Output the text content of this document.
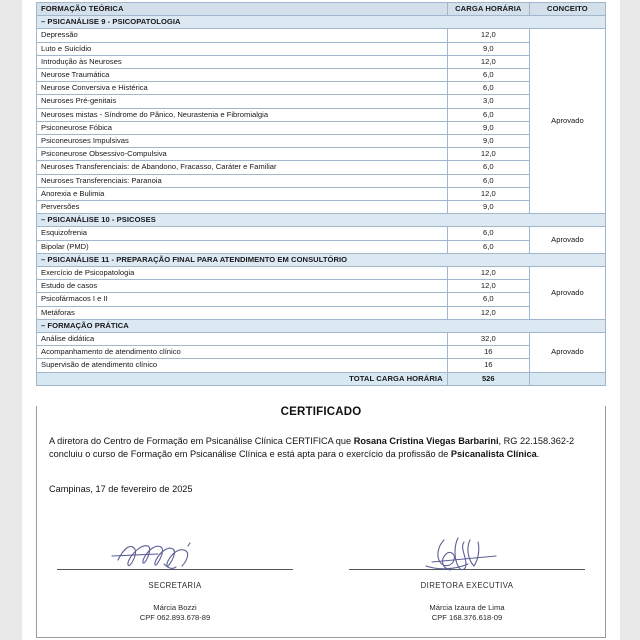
FORMAÇÃO TEÓRICA	CARGA HORÁRIA	CONCEITO
– PSICANÁLISE 9 - PSICOPATOLOGIA		
Depressão	12,0	Aprovado
Luto e Suicídio	9,0	
Introdução às Neuroses	12,0	
Neurose Traumática	6,0	
Neurose Conversiva e Histérica	6,0	
Neuroses Pré-genitais	3,0	
Neuroses mistas - Síndrome do Pânico, Neurastenia e Fibromialgia	6,0	
Psiconeurose Fóbica	9,0	
Psiconeuroses Impulsivas	9,0	
Psiconeurose Obsessivo-Compulsiva	12,0	
Neuroses Transferenciais: de Abandono, Fracasso, Caráter e Familiar	6,0	
Neuroses Transferenciais: Paranoia	6,0	
Anorexia e Bulimia	12,0	
Perversões	9,0	
– PSICANÁLISE 10 - PSICOSES		
Esquizofrenia	6,0	Aprovado
Bipolar (PMD)	6,0	
– PSICANÁLISE 11 - PREPARAÇÃO FINAL PARA ATENDIMENTO EM CONSULTÓRIO		
Exercício de Psicopatologia	12,0	Aprovado
Estudo de casos	12,0	
Psicofármacos I e II	6,0	
Metáforas	12,0	
– FORMAÇÃO PRÁTICA		
Análise didática	32,0	Aprovado
Acompanhamento de atendimento clínico	16	
Supervisão de atendimento clínico	16	
TOTAL CARGA HORÁRIA	526	
CERTIFICADO
A diretora do Centro de Formação em Psicanálise Clínica CERTIFICA que Rosana Cristina Viegas Barbarini, RG 22.158.362-2 concluiu o curso de Formação em Psicanálise Clínica e está apta para o exercício da profissão de Psicanalista Clínica.
Campinas, 17 de fevereiro de 2025
SECRETARIA
Márcia Bozzi
CPF 062.893.678-89
DIRETORA EXECUTIVA
Márcia Izaura de Lima
CPF 168.376.618-09
